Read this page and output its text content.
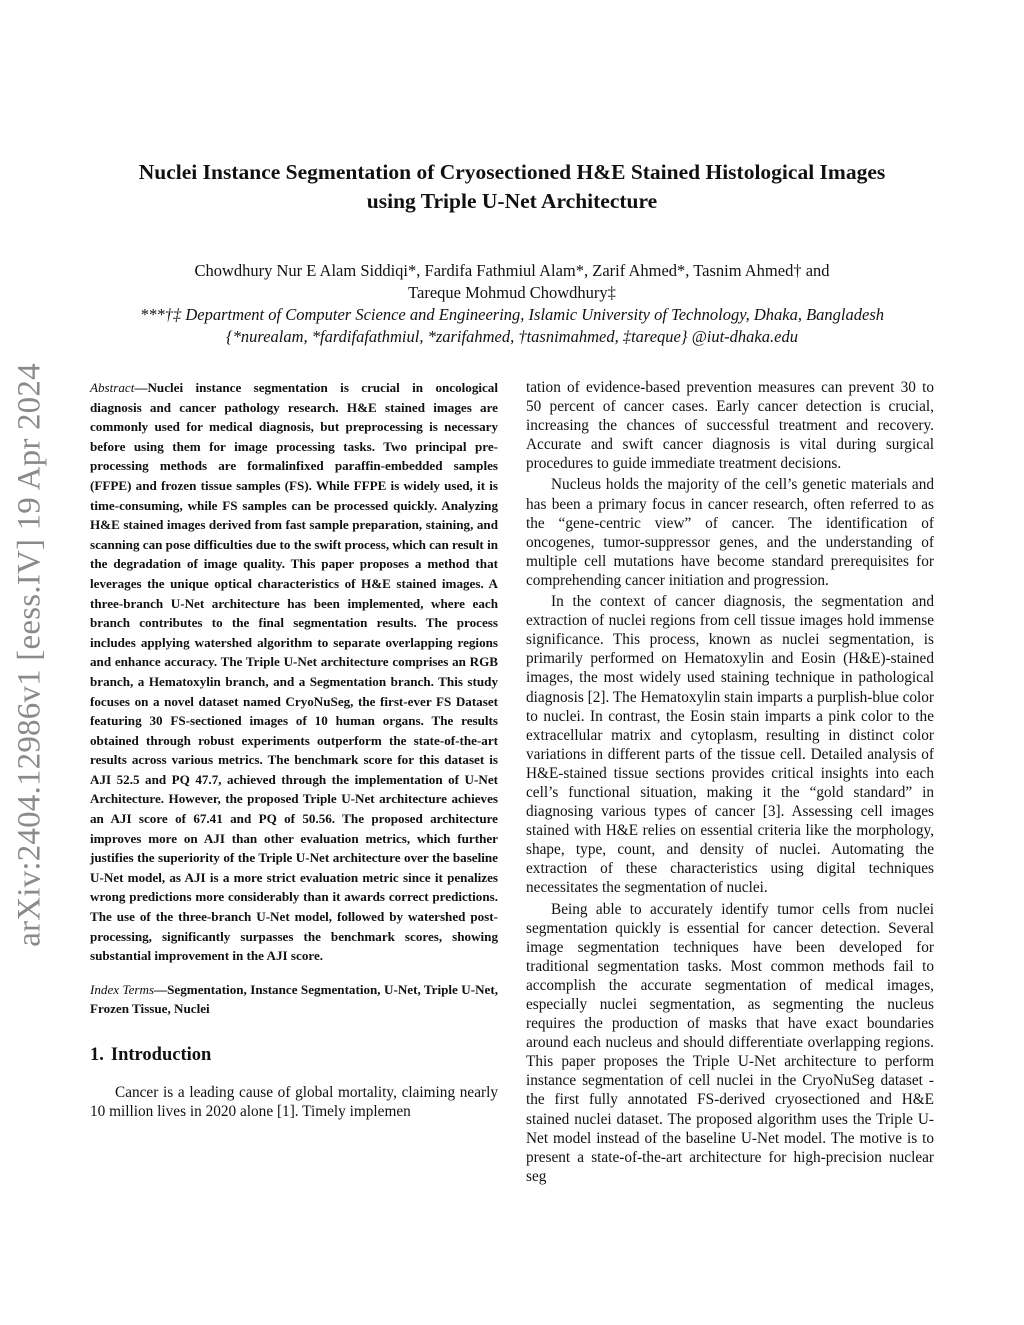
arXiv:2404.12986v1 [eess.IV] 19 Apr 2024
Nuclei Instance Segmentation of Cryosectioned H&E Stained Histological Images
using Triple U-Net Architecture
Chowdhury Nur E Alam Siddiqi*, Fardifa Fathmiul Alam*, Zarif Ahmed*, Tasnim Ahmed† and
Tareque Mohmud Chowdhury‡
***†‡ Department of Computer Science and Engineering, Islamic University of Technology, Dhaka, Bangladesh
{*nurealam, *fardifafathmiul, *zarifahmed, †tasnimahmed, ‡tareque} @iut-dhaka.edu

Abstract—Nuclei instance segmentation is crucial in oncological diagnosis and cancer pathology research. H&E stained images are commonly used for medical diagnosis, but preprocessing is necessary before using them for image processing tasks. Two principal pre-processing methods are formalinfixed paraffin-embedded samples (FFPE) and frozen tissue samples (FS). While FFPE is widely used, it is time-consuming, while FS samples can be processed quickly. Analyzing H&E stained images derived from fast sample preparation, staining, and scanning can pose difficulties due to the swift process, which can result in the degradation of image quality. This paper proposes a method that leverages the unique optical characteristics of H&E stained images. A three-branch U-Net architecture has been implemented, where each branch contributes to the final segmentation results. The process includes applying watershed algorithm to separate overlapping regions and enhance accuracy. The Triple U-Net architecture comprises an RGB branch, a Hematoxylin branch, and a Segmentation branch. This study focuses on a novel dataset named CryoNuSeg, the first-ever FS Dataset featuring 30 FS-sectioned images of 10 human organs. The results obtained through robust experiments outperform the state-of-the-art results across various metrics. The benchmark score for this dataset is AJI 52.5 and PQ 47.7, achieved through the implementation of U-Net Architecture. However, the proposed Triple U-Net architecture achieves an AJI score of 67.41 and PQ of 50.56. The proposed architecture improves more on AJI than other evaluation metrics, which further justifies the superiority of the Triple U-Net architecture over the baseline U-Net model, as AJI is a more strict evaluation metric since it penalizes wrong predictions more considerably than it awards correct predictions. The use of the three-branch U-Net model, followed by watershed post-processing, significantly surpasses the benchmark scores, showing substantial improvement in the AJI score.

Index Terms—Segmentation, Instance Segmentation, U-Net, Triple U-Net, Frozen Tissue, Nuclei

1. Introduction

Cancer is a leading cause of global mortality, claiming nearly 10 million lives in 2020 alone [1]. Timely implemen

tation of evidence-based prevention measures can prevent 30 to 50 percent of cancer cases. Early cancer detection is crucial, increasing the chances of successful treatment and recovery. Accurate and swift cancer diagnosis is vital during surgical procedures to guide immediate treatment decisions.

Nucleus holds the majority of the cell’s genetic materials and has been a primary focus in cancer research, often referred to as the “gene-centric view” of cancer. The identification of oncogenes, tumor-suppressor genes, and the understanding of multiple cell mutations have become standard prerequisites for comprehending cancer initiation and progression.

In the context of cancer diagnosis, the segmentation and extraction of nuclei regions from cell tissue images hold immense significance. This process, known as nuclei segmentation, is primarily performed on Hematoxylin and Eosin (H&E)-stained images, the most widely used staining technique in pathological diagnosis [2]. The Hematoxylin stain imparts a purplish-blue color to nuclei. In contrast, the Eosin stain imparts a pink color to the extracellular matrix and cytoplasm, resulting in distinct color variations in different parts of the tissue cell. Detailed analysis of H&E-stained tissue sections provides critical insights into each cell’s functional situation, making it the “gold standard” in diagnosing various types of cancer [3]. Assessing cell images stained with H&E relies on essential criteria like the morphology, shape, type, count, and density of nuclei. Automating the extraction of these characteristics using digital techniques necessitates the segmentation of nuclei.

Being able to accurately identify tumor cells from nuclei segmentation quickly is essential for cancer detection. Several image segmentation techniques have been developed for traditional segmentation tasks. Most common methods fail to accomplish the accurate segmentation of medical images, especially nuclei segmentation, as segmenting the nucleus requires the production of masks that have exact boundaries around each nucleus and should differentiate overlapping regions. This paper proposes the Triple U-Net architecture to perform instance segmentation of cell nuclei in the CryoNuSeg dataset - the first fully annotated FS-derived cryosectioned and H&E stained nuclei dataset. The proposed algorithm uses the Triple U-Net model instead of the baseline U-Net model. The motive is to present a state-of-the-art architecture for high-precision nuclear seg
